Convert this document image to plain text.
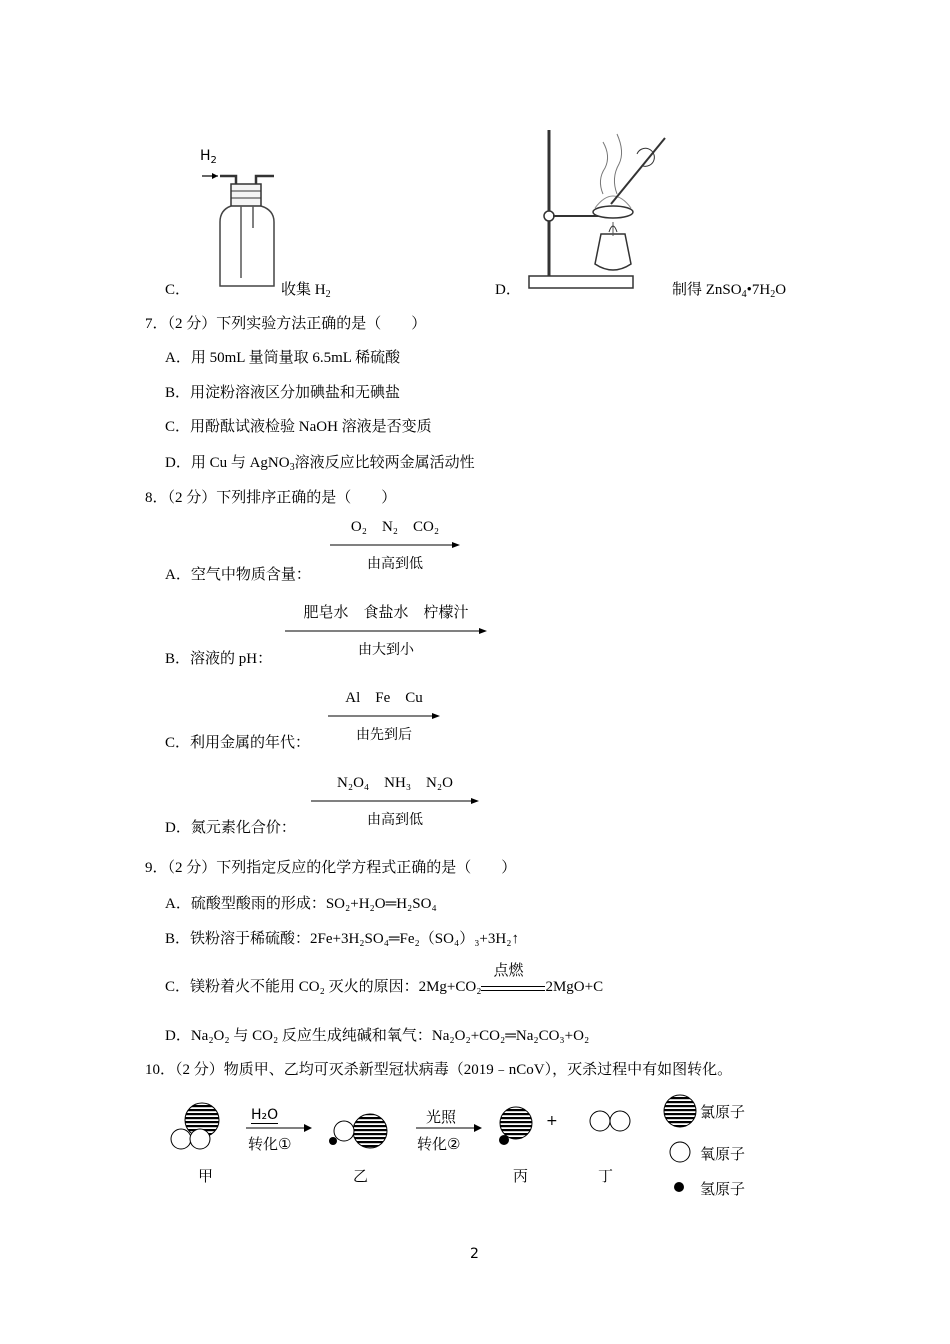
$H_2$
C．	收集 $H_2$	D．	制得 $ZnSO_4•7H_2O$
7．（2 分）下列实验方法正确的是（　　）
A．用 50mL 量筒量取 6.5mL 稀硫酸
B．用淀粉溶液区分加碘盐和无碘盐
C．用酚酞试液检验 NaOH 溶液是否变质
D．用 Cu 与 AgNO$_3$溶液反应比较两金属活动性
8．（2 分）下列排序正确的是（　　）
O₂　N₂　CO₂
由高到低
A．空气中物质含量：
肥皂水　食盐水　柠檬汁
由大到小
B．溶液的 pH：
Al　Fe　Cu
由先到后
C．利用金属的年代：
N₂O₄　NH₃　N₂O
由高到低
D．氮元素化合价：
9．（2 分）下列指定反应的化学方程式正确的是（　　）
A．硫酸型酸雨的形成：SO₂+H₂O═H₂SO₄
B．铁粉溶于稀硫酸：2Fe+3H₂SO₄═Fe₂（SO₄）₃+3H₂↑
C．镁粉着火不能用 CO₂ 灭火的原因：2Mg+CO₂
点燃
2MgO+C
D．Na₂O₂ 与 CO₂ 反应生成纯碱和氧气：Na₂O₂+CO₂═Na₂CO₃+O₂
10．（2 分）物质甲、乙均可灭杀新型冠状病毒（2019﹣nCoV），灭杀过程中有如图转化。
H₂O
转化①
光照
转化②
+
甲	乙	丙	丁
氯原子
氧原子
氢原子
2
